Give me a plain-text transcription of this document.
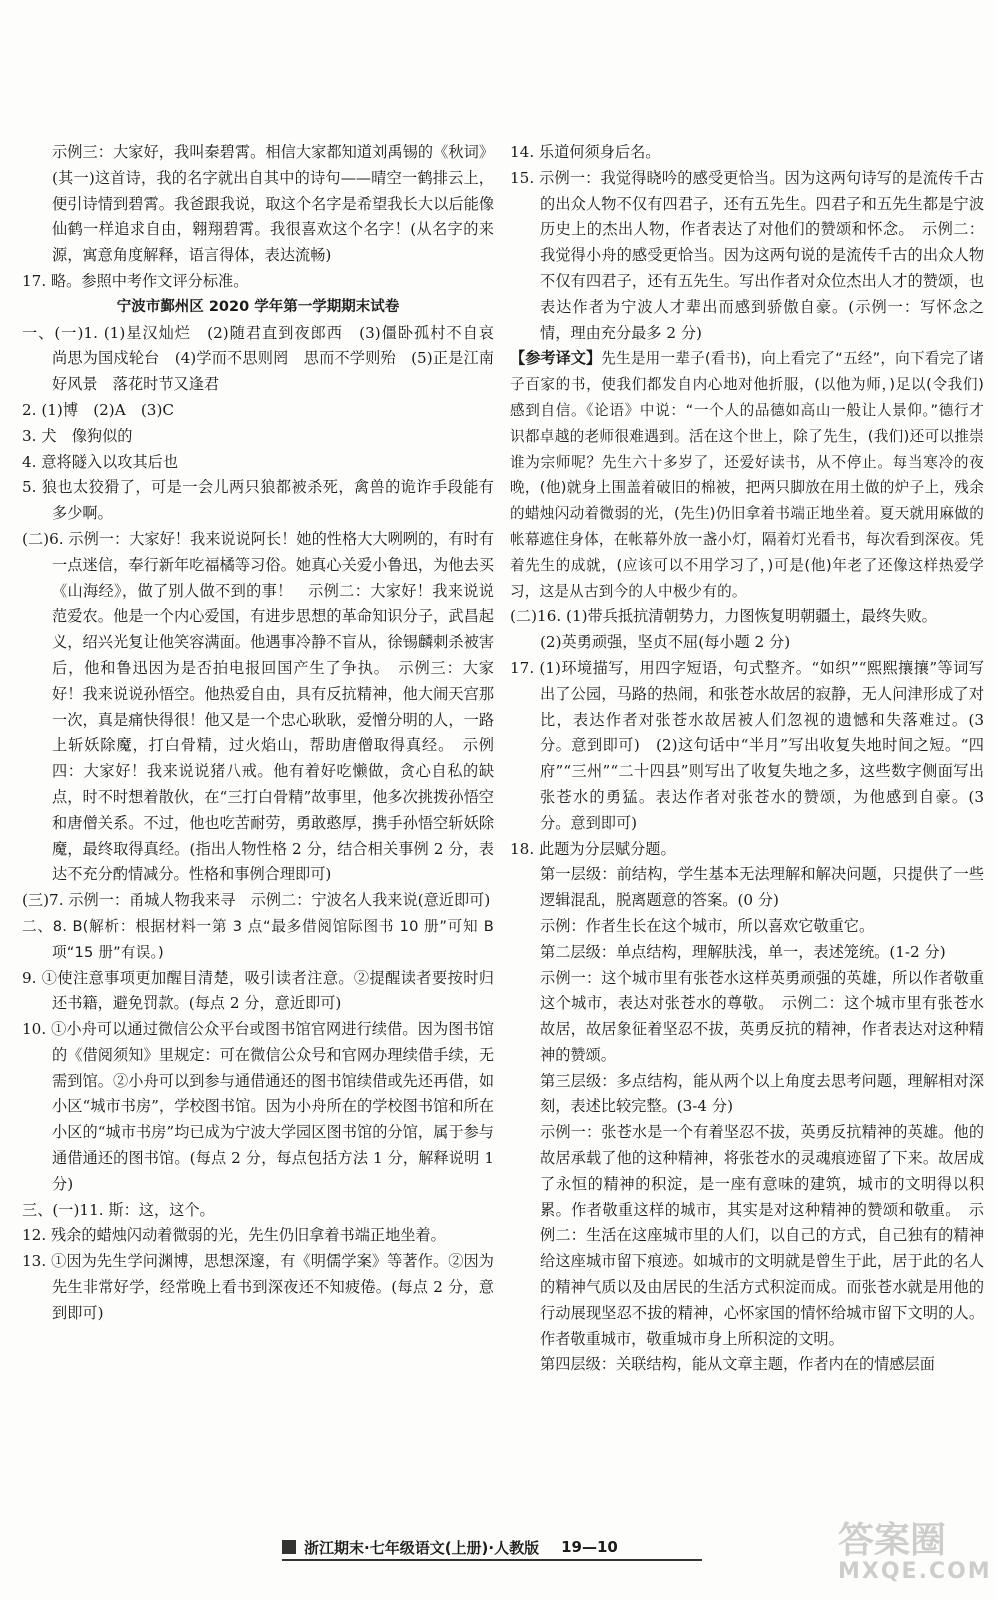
示例三：大家好，我叫秦碧霄。相信大家都知道刘禹锡的《秋词》(其一)这首诗，我的名字就出自其中的诗句——晴空一鹤排云上，便引诗情到碧霄。我爸跟我说，取这个名字是希望我长大以后能像仙鹤一样追求自由，翱翔碧霄。我很喜欢这个名字！(从名字的来源，寓意角度解释，语言得体，表达流畅)

17. 略。参照中考作文评分标准。

宁波市鄞州区 2020 学年第一学期期末试卷

一、(一)1. (1)星汉灿烂　(2)随君直到夜郎西　(3)僵卧孤村不自哀　尚思为国戍轮台　(4)学而不思则罔　思而不学则殆　(5)正是江南好风景　落花时节又逢君

2. (1)博　(2)A　(3)C

3. 犬　像狗似的

4. 意将隧入以攻其后也

5. 狼也太狡猾了，可是一会儿两只狼都被杀死，禽兽的诡诈手段能有多少啊。

(二)6. 示例一：大家好！我来说说阿长！她的性格大大咧咧的，有时有一点迷信，奉行新年吃福橘等习俗。她真心关爱小鲁迅，为他去买《山海经》，做了别人做不到的事！　示例二：大家好！我来说说范爱农。他是一个内心爱国，有进步思想的革命知识分子，武昌起义，绍兴光复让他笑容满面。他遇事冷静不盲从，徐锡麟刺杀被害后，他和鲁迅因为是否拍电报回国产生了争执。　示例三：大家好！我来说说孙悟空。他热爱自由，具有反抗精神，他大闹天宫那一次，真是痛快得很！他又是一个忠心耿耿，爱憎分明的人，一路上斩妖除魔，打白骨精，过火焰山，帮助唐僧取得真经。　示例四：大家好！我来说说猪八戒。他有着好吃懒做，贪心自私的缺点，时不时想着散伙，在“三打白骨精”故事里，他多次挑拨孙悟空和唐僧关系。不过，他也吃苦耐劳，勇敢憨厚，携手孙悟空斩妖除魔，最终取得真经。(指出人物性格 2 分，结合相关事例 2 分，表达不充分酌情减分。性格和事例合理即可)

(三)7. 示例一：甬城人物我来寻　示例二：宁波名人我来说(意近即可)

二、8. B(解析：根据材料一第 3 点“最多借阅馆际图书 10 册”可知 B 项“15 册”有误。)

9. ①使注意事项更加醒目清楚，吸引读者注意。②提醒读者要按时归还书籍，避免罚款。(每点 2 分，意近即可)

10. ①小舟可以通过微信公众平台或图书馆官网进行续借。因为图书馆的《借阅须知》里规定：可在微信公众号和官网办理续借手续，无需到馆。②小舟可以到参与通借通还的图书馆续借或先还再借，如小区“城市书房”，学校图书馆。因为小舟所在的学校图书馆和所在小区的“城市书房”均已成为宁波大学园区图书馆的分馆，属于参与通借通还的图书馆。(每点 2 分，每点包括方法 1 分，解释说明 1 分)

三、(一)11. 斯：这，这个。

12. 残余的蜡烛闪动着微弱的光，先生仍旧拿着书端正地坐着。

13. ①因为先生学问渊博，思想深邃，有《明儒学案》等著作。②因为先生非常好学，经常晚上看书到深夜还不知疲倦。(每点 2 分，意到即可)

14. 乐道何须身后名。

15. 示例一：我觉得晓吟的感受更恰当。因为这两句诗写的是流传千古的出众人物不仅有四君子，还有五先生。四君子和五先生都是宁波历史上的杰出人物，作者表达了对他们的赞颂和怀念。　示例二：我觉得小舟的感受更恰当。因为这两句说的是流传千古的出众人物不仅有四君子，还有五先生。写出作者对众位杰出人才的赞颂，也表达作者为宁波人才辈出而感到骄傲自豪。(示例一：写怀念之情，理由充分最多 2 分)

【参考译文】先生是用一辈子(看书)，向上看完了“五经”，向下看完了诸子百家的书，使我们都发自内心地对他折服，(以他为师，)足以(令我们)感到自信。《论语》中说：“一个人的品德如高山一般让人景仰。”德行才识都卓越的老师很难遇到。活在这个世上，除了先生，(我们)还可以推崇谁为宗师呢？先生六十多岁了，还爱好读书，从不停止。每当寒冷的夜晚，(他)就身上围盖着破旧的棉被，把两只脚放在用土做的炉子上，残余的蜡烛闪动着微弱的光，(先生)仍旧拿着书端正地坐着。夏天就用麻做的帐幕遮住身体，在帐幕外放一盏小灯，隔着灯光看书，每次看到深夜。凭着先生的成就，(应该可以不用学习了，)可是(他)年老了还像这样热爱学习，这是从古到今的人中极少有的。

(二)16. (1)带兵抵抗清朝势力，力图恢复明朝疆土，最终失败。

(2)英勇顽强，坚贞不屈(每小题 2 分)

17. (1)环境描写，用四字短语，句式整齐。“如织”“熙熙攘攘”等词写出了公园，马路的热闹，和张苍水故居的寂静，无人问津形成了对比，表达作者对张苍水故居被人们忽视的遗憾和失落难过。(3 分。意到即可)　(2)这句话中“半月”写出收复失地时间之短。“四府”“三州”“二十四县”则写出了收复失地之多，这些数字侧面写出张苍水的勇猛。表达作者对张苍水的赞颂，为他感到自豪。(3 分。意到即可)

18. 此题为分层赋分题。

第一层级：前结构，学生基本无法理解和解决问题，只提供了一些逻辑混乱，脱离题意的答案。(0 分)

示例：作者生长在这个城市，所以喜欢它敬重它。

第二层级：单点结构，理解肤浅，单一，表述笼统。(1-2 分)

示例一：这个城市里有张苍水这样英勇顽强的英雄，所以作者敬重这个城市，表达对张苍水的尊敬。　示例二：这个城市里有张苍水故居，故居象征着坚忍不拔，英勇反抗的精神，作者表达对这种精神的赞颂。

第三层级：多点结构，能从两个以上角度去思考问题，理解相对深刻，表述比较完整。(3-4 分)

示例一：张苍水是一个有着坚忍不拔，英勇反抗精神的英雄。他的故居承载了他的这种精神，将张苍水的灵魂痕迹留了下来。故居成了永恒的精神的积淀，是一座有意味的建筑，城市的文明得以积累。作者敬重这样的城市，其实是对这种精神的赞颂和敬重。　示例二：生活在这座城市里的人们，以自己的方式，自己独有的精神给这座城市留下痕迹。如城市的文明就是曾生于此，居于此的名人的精神气质以及由居民的生活方式积淀而成。而张苍水就是用他的行动展现坚忍不拔的精神，心怀家国的情怀给城市留下文明的人。作者敬重城市，敬重城市身上所积淀的文明。

第四层级：关联结构，能从文章主题，作者内在的情感层面

浙江期末·七年级语文(上册)·人教版 19—10	答案圈
MXQE.COM
